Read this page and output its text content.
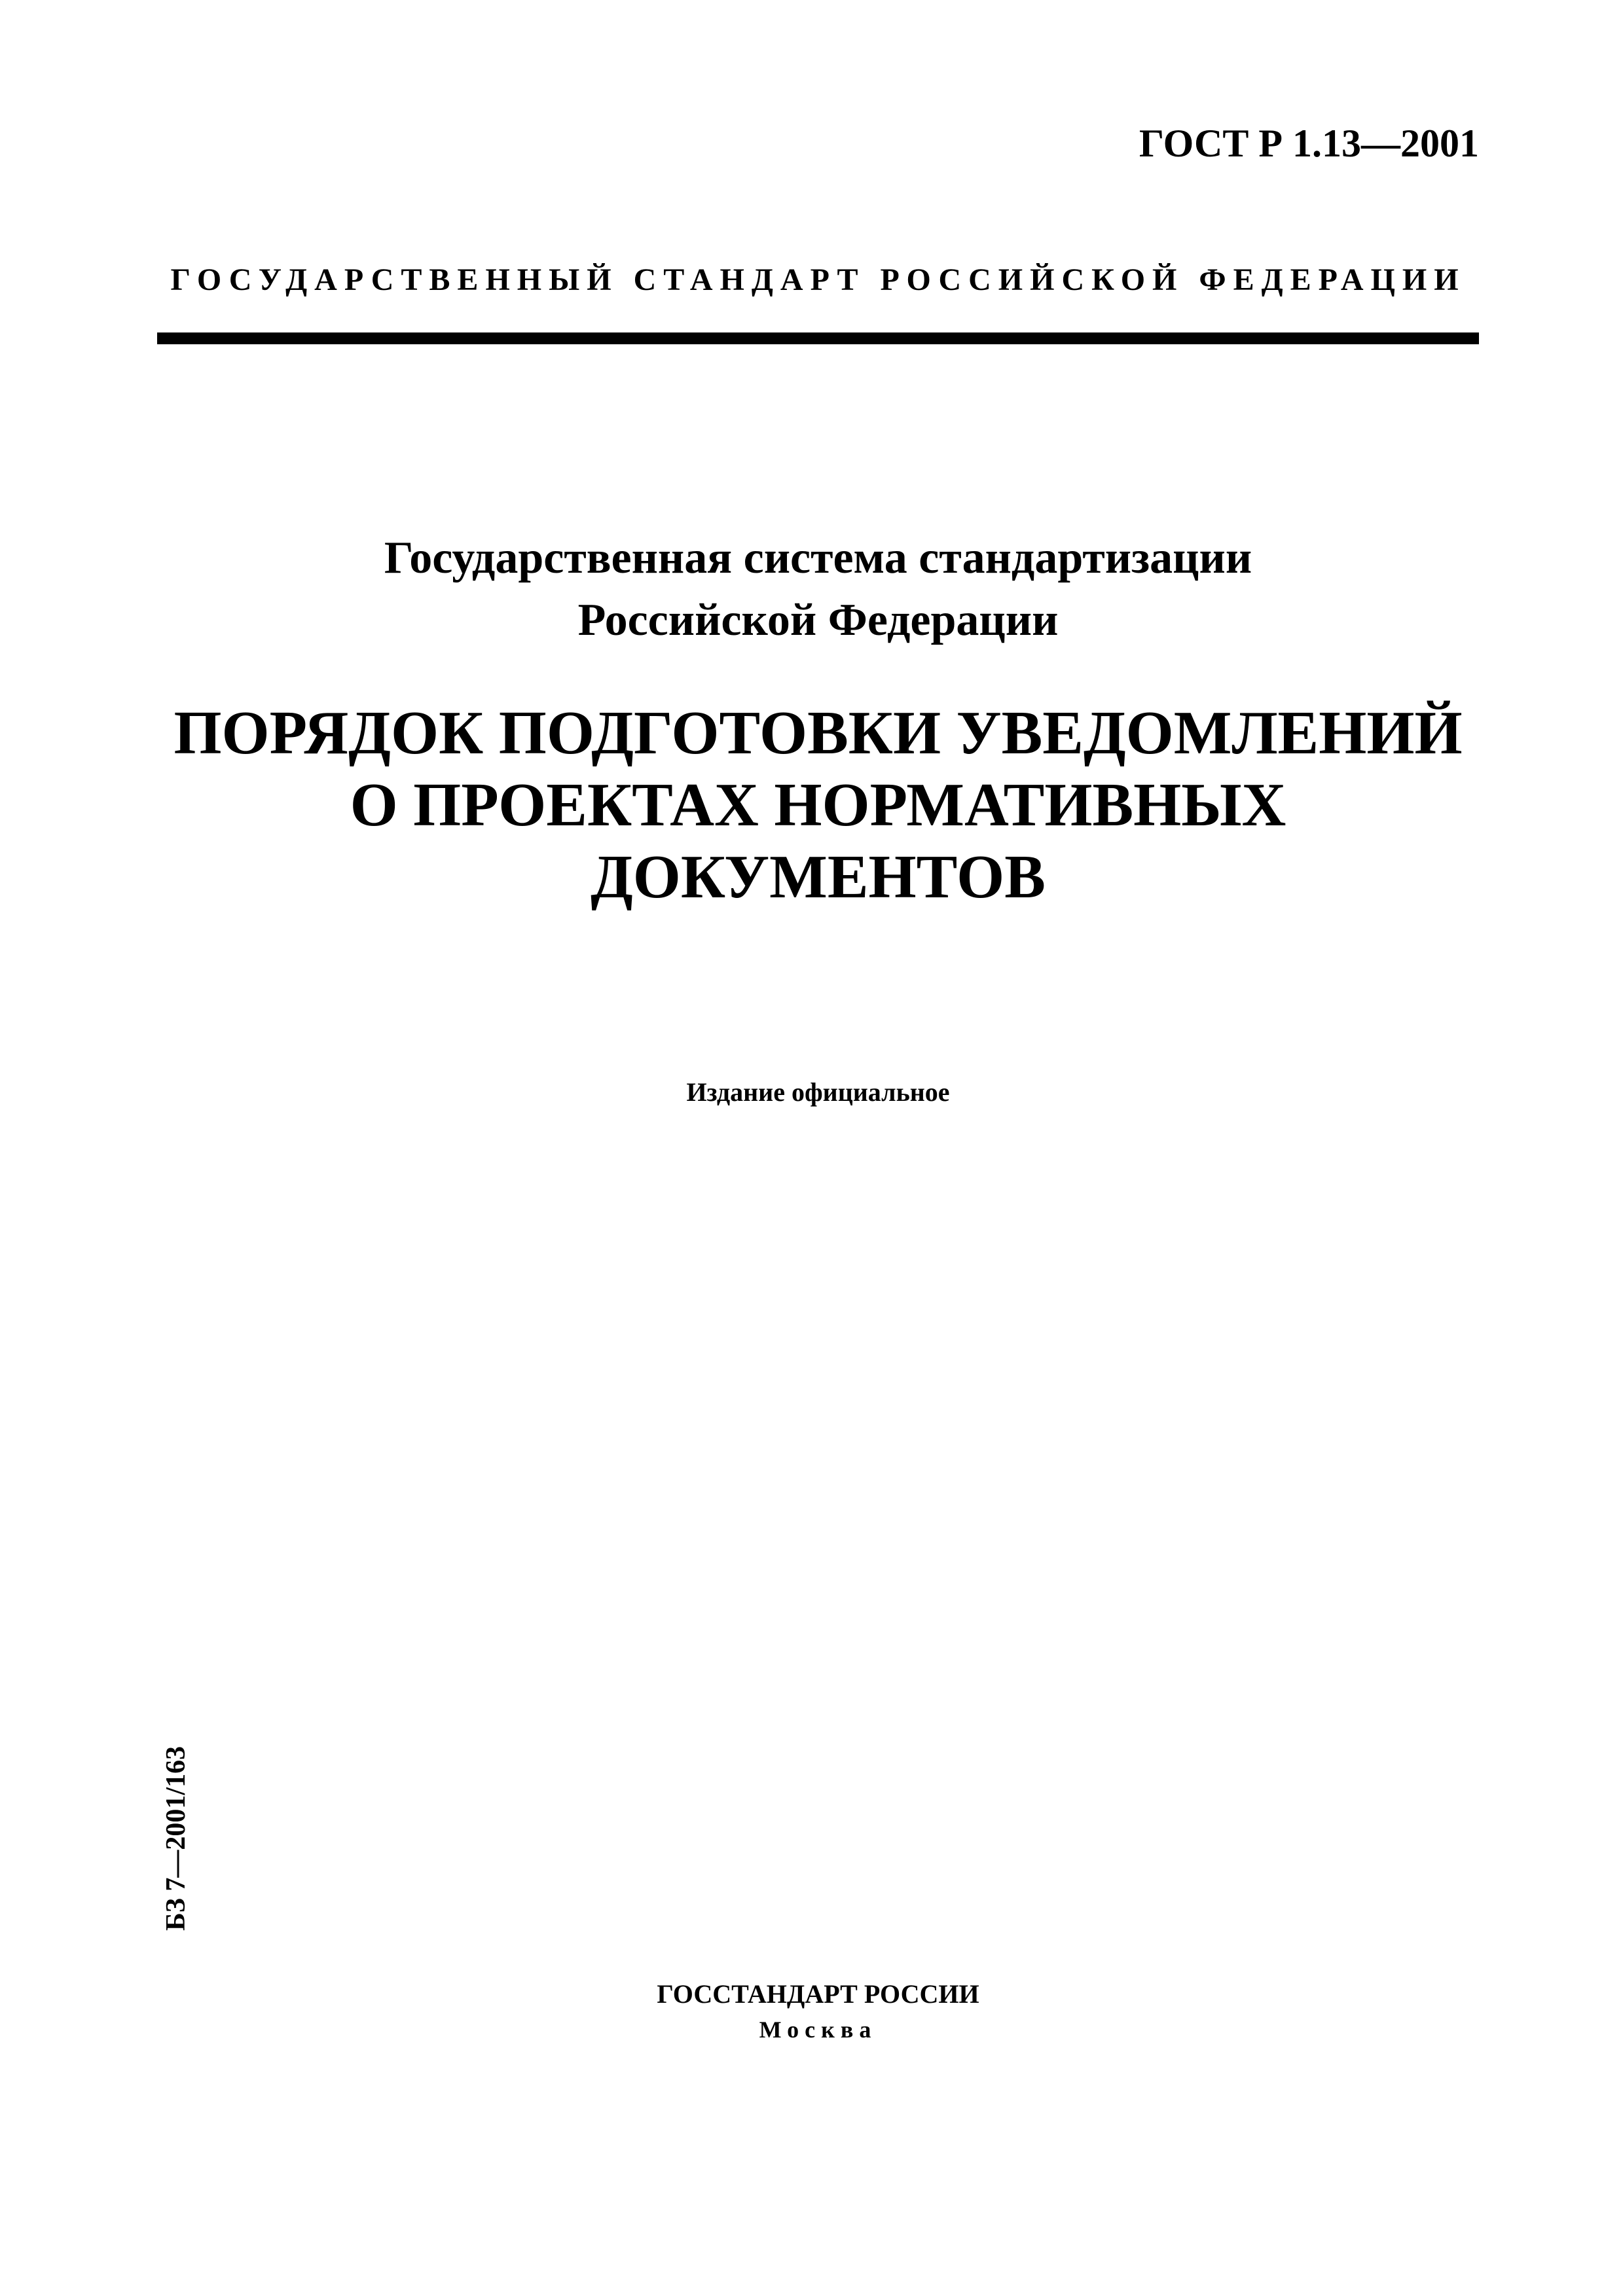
ГОСТ Р 1.13—2001
ГОСУДАРСТВЕННЫЙ СТАНДАРТ РОССИЙСКОЙ ФЕДЕРАЦИИ
Государственная система стандартизации
Российской Федерации
ПОРЯДОК ПОДГОТОВКИ УВЕДОМЛЕНИЙ
О ПРОЕКТАХ НОРМАТИВНЫХ
ДОКУМЕНТОВ
Издание официальное
БЗ 7—2001/163
ГОССТАНДАРТ РОССИИ
Москва
